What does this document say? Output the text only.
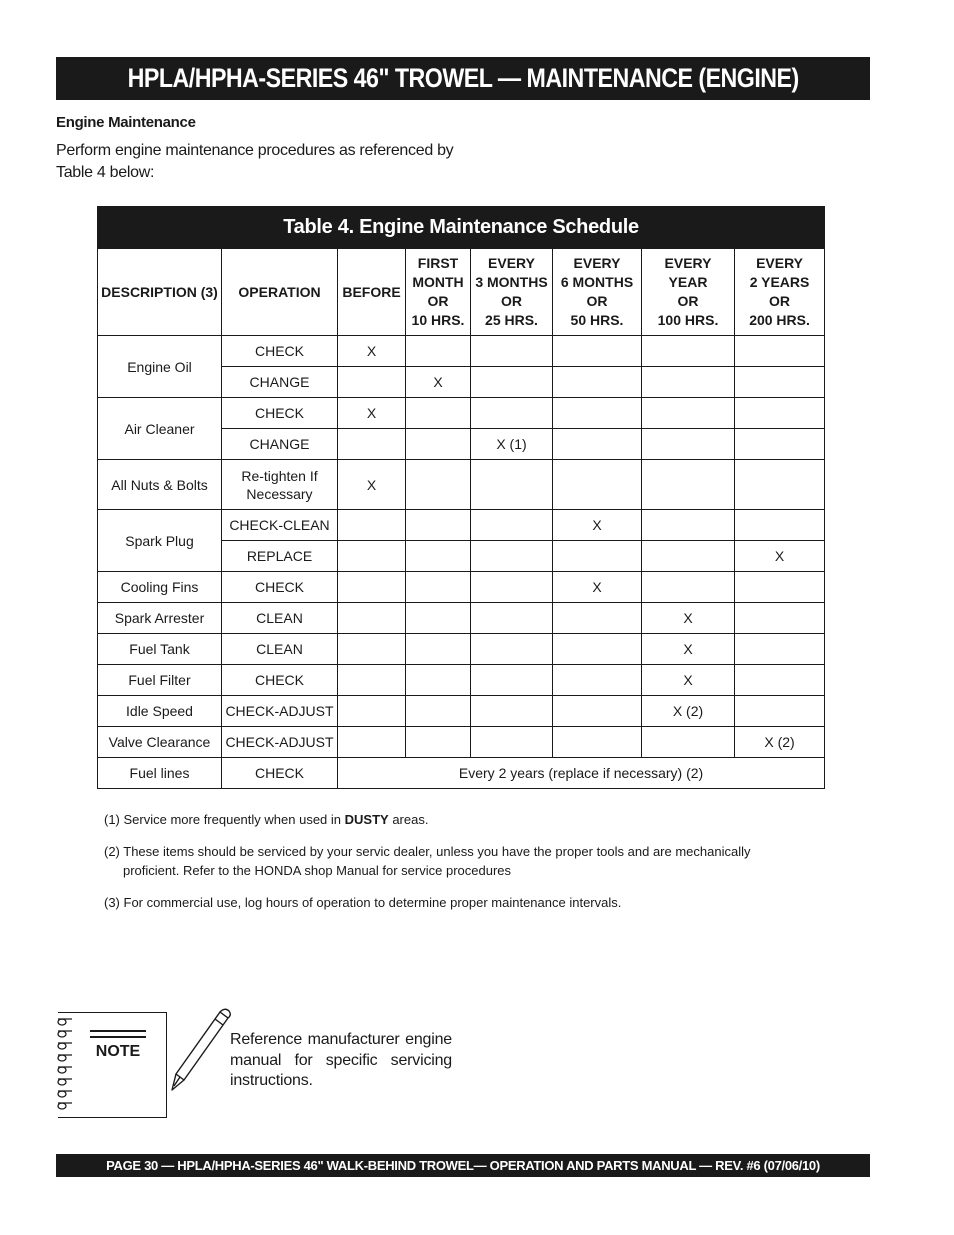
HPLA/HPHA-SERIES 46" TROWEL — MAINTENANCE (ENGINE)
Engine Maintenance
Perform engine maintenance procedures as referenced by Table 4 below:
Table 4. Engine Maintenance Schedule							

DESCRIPTION (3)	OPERATION	BEFORE	FIRST
MONTH
OR
10 HRS.	EVERY
3 MONTHS
OR
25 HRS.	EVERY
6 MONTHS
OR
50 HRS.	EVERY
YEAR
OR
100 HRS.	EVERY
2 YEARS
OR
200 HRS.

Engine Oil	CHECK	X					
	CHANGE		X				
Air Cleaner	CHECK	X					
	CHANGE			X (1)			
All Nuts & Bolts	Re-tighten If Necessary	X					
Spark Plug	CHECK-CLEAN				X		
	REPLACE						X
Cooling Fins	CHECK				X		
Spark Arrester	CLEAN					X	
Fuel Tank	CLEAN					X	
Fuel Filter	CHECK					X	
Idle Speed	CHECK-ADJUST					X (2)	
Valve Clearance	CHECK-ADJUST						X (2)
Fuel lines	CHECK	Every 2 years (replace if necessary) (2)					
(1) Service more frequently when used in DUSTY areas.
(2) These items should be serviced by your servic dealer, unless you have the proper tools and are mechanically
proficient. Refer to the HONDA shop Manual for service procedures
(3) For commercial use, log hours of operation to determine proper maintenance intervals.
NOTE
Reference manufacturer engine manual for specific servicing instructions.
PAGE 30 — HPLA/HPHA-SERIES 46" WALK-BEHIND TROWEL— OPERATION AND PARTS MANUAL — REV. #6 (07/06/10)
